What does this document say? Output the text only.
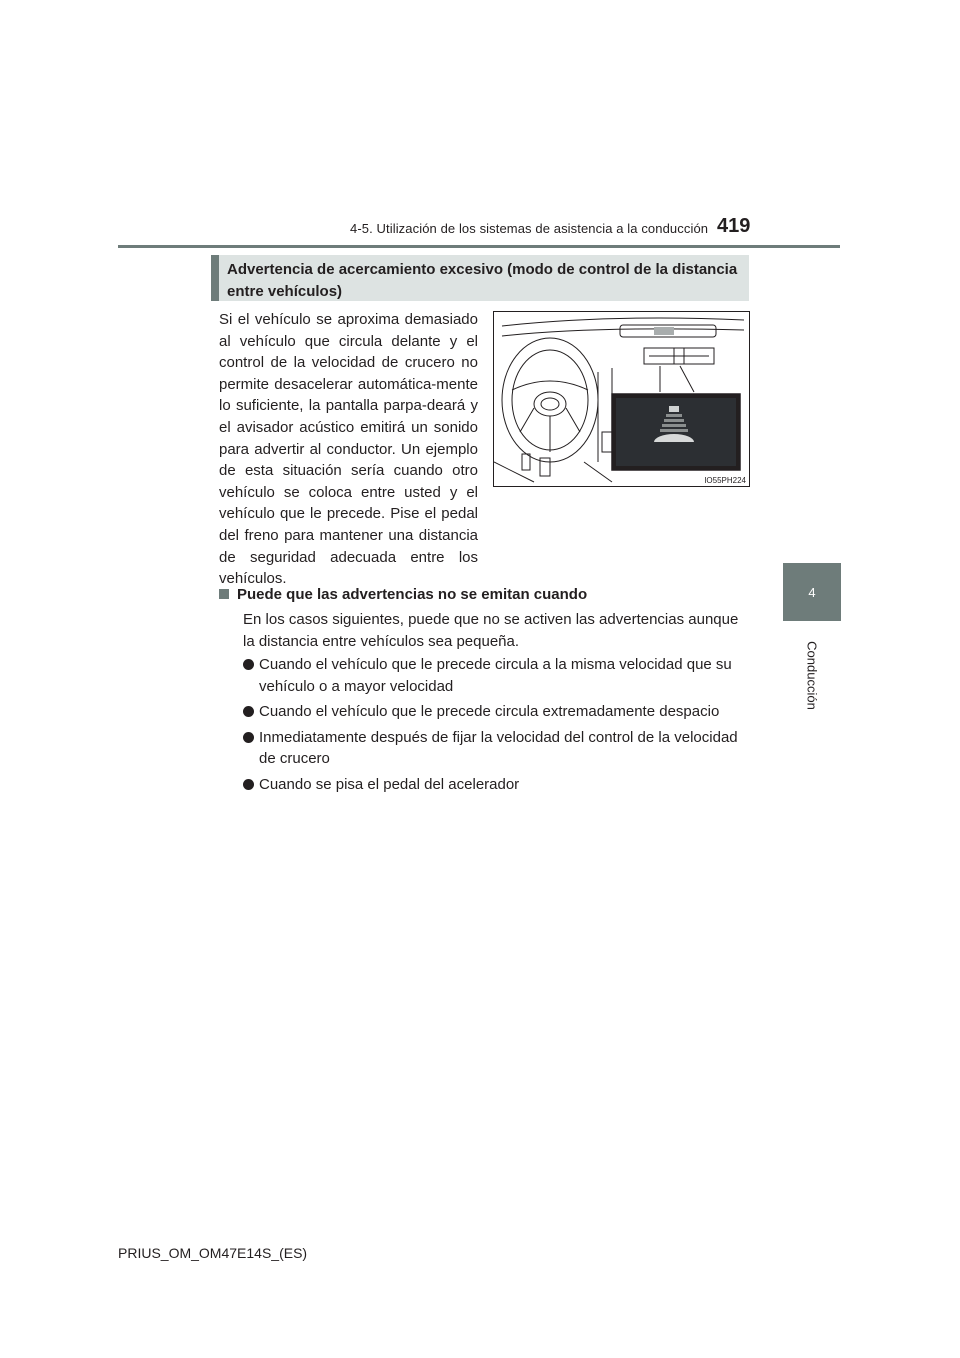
4-5. Utilización de los sistemas de asistencia a la conducción 419
4
Conducción
Advertencia de acercamiento excesivo (modo de control de la distancia entre vehículos)
Si el vehículo se aproxima demasiado al vehículo que circula delante y el control de la velocidad de crucero no permite desacelerar automática-mente lo suficiente, la pantalla parpa-deará y el avisador acústico emitirá un sonido para advertir al conductor. Un ejemplo de esta situación sería cuando otro vehículo se coloca entre usted y el vehículo que le precede. Pise el pedal del freno para mantener una distancia de seguridad adecuada entre los vehículos.
IO55PH224
Puede que las advertencias no se emitan cuando
En los casos siguientes, puede que no se activen las advertencias aunque la distancia entre vehículos sea pequeña.
Cuando el vehículo que le precede circula a la misma velocidad que su vehículo o a mayor velocidad
Cuando el vehículo que le precede circula extremadamente despacio
Inmediatamente después de fijar la velocidad del control de la velocidad de crucero
Cuando se pisa el pedal del acelerador
PRIUS_OM_OM47E14S_(ES)
